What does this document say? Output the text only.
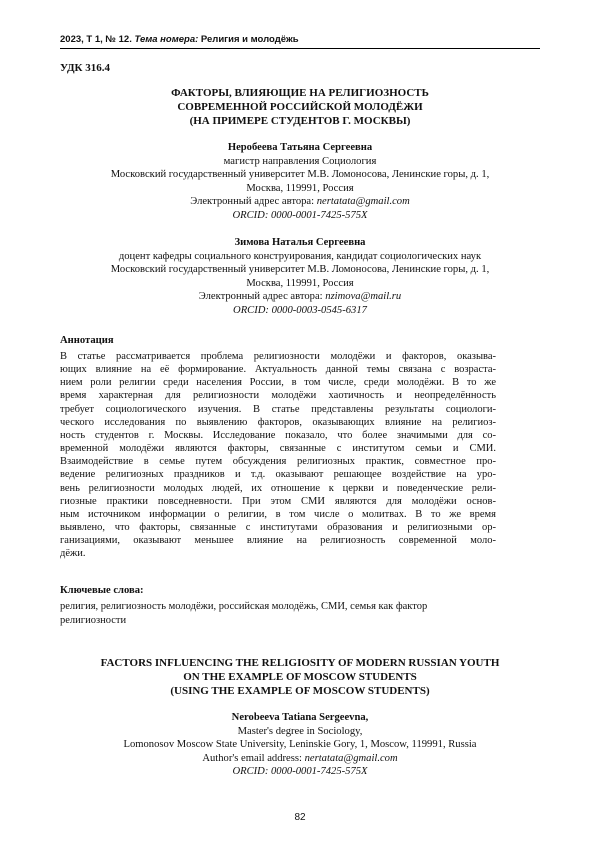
2023, Т 1, № 12. Тема номера: Религия и молодёжь
УДК 316.4
ФАКТОРЫ, ВЛИЯЮЩИЕ НА РЕЛИГИОЗНОСТЬ
СОВРЕМЕННОЙ РОССИЙСКОЙ МОЛОДЁЖИ
(НА ПРИМЕРЕ СТУДЕНТОВ Г. МОСКВЫ)
Неробеева Татьяна Сергеевна
магистр направления Социология
Московский государственный университет М.В. Ломоносова, Ленинские горы, д. 1,
Москва, 119991, Россия
Электронный адрес автора: nertatata@gmail.com
ORCID: 0000-0001-7425-575X
Зимова Наталья Сергеевна
доцент кафедры социального конструирования, кандидат социологических наук
Московский государственный университет М.В. Ломоносова, Ленинские горы, д. 1,
Москва, 119991, Россия
Электронный адрес автора: nzimova@mail.ru
ORCID: 0000-0003-0545-6317
Аннотация
В статье рассматривается проблема религиозности молодёжи и факторов, оказыва-
ющих влияние на её формирование. Актуальность данной темы связана с возраста-
нием роли религии среди населения России, в том числе, среди молодёжи. В то же
время характерная для религиозности молодёжи хаотичность и неопределённость
требует социологического изучения. В статье представлены результаты социологи-
ческого исследования по выявлению факторов, оказывающих влияние на религиоз-
ность студентов г. Москвы. Исследование показало, что более значимыми для со-
временной молодёжи являются факторы, связанные с институтом семьи и СМИ.
Взаимодействие в семье путем обсуждения религиозных практик, совместное про-
ведение религиозных праздников и т.д. оказывают решающее воздействие на уро-
вень религиозности молодых людей, их отношение к церкви и поведенческие рели-
гиозные практики повседневности. При этом СМИ являются для молодёжи основ-
ным источником информации о религии, в том числе о молитвах. В то же время
выявлено, что факторы, связанные с институтами образования и религиозными ор-
ганизациями, оказывают меньшее влияние на религиозность современной моло-
дёжи.
Ключевые слова:
религия, религиозность молодёжи, российская молодёжь, СМИ, семья как фактор
религиозности
FACTORS INFLUENCING THE RELIGIOSITY OF MODERN RUSSIAN YOUTH
ON THE EXAMPLE OF MOSCOW STUDENTS
(USING THE EXAMPLE OF MOSCOW STUDENTS)
Nerobeeva Tatiana Sergeevna,
Master's degree in Sociology,
Lomonosov Moscow State University, Leninskie Gory, 1, Moscow, 119991, Russia
Author's email address: nertatata@gmail.com
ORCID: 0000-0001-7425-575X
82
